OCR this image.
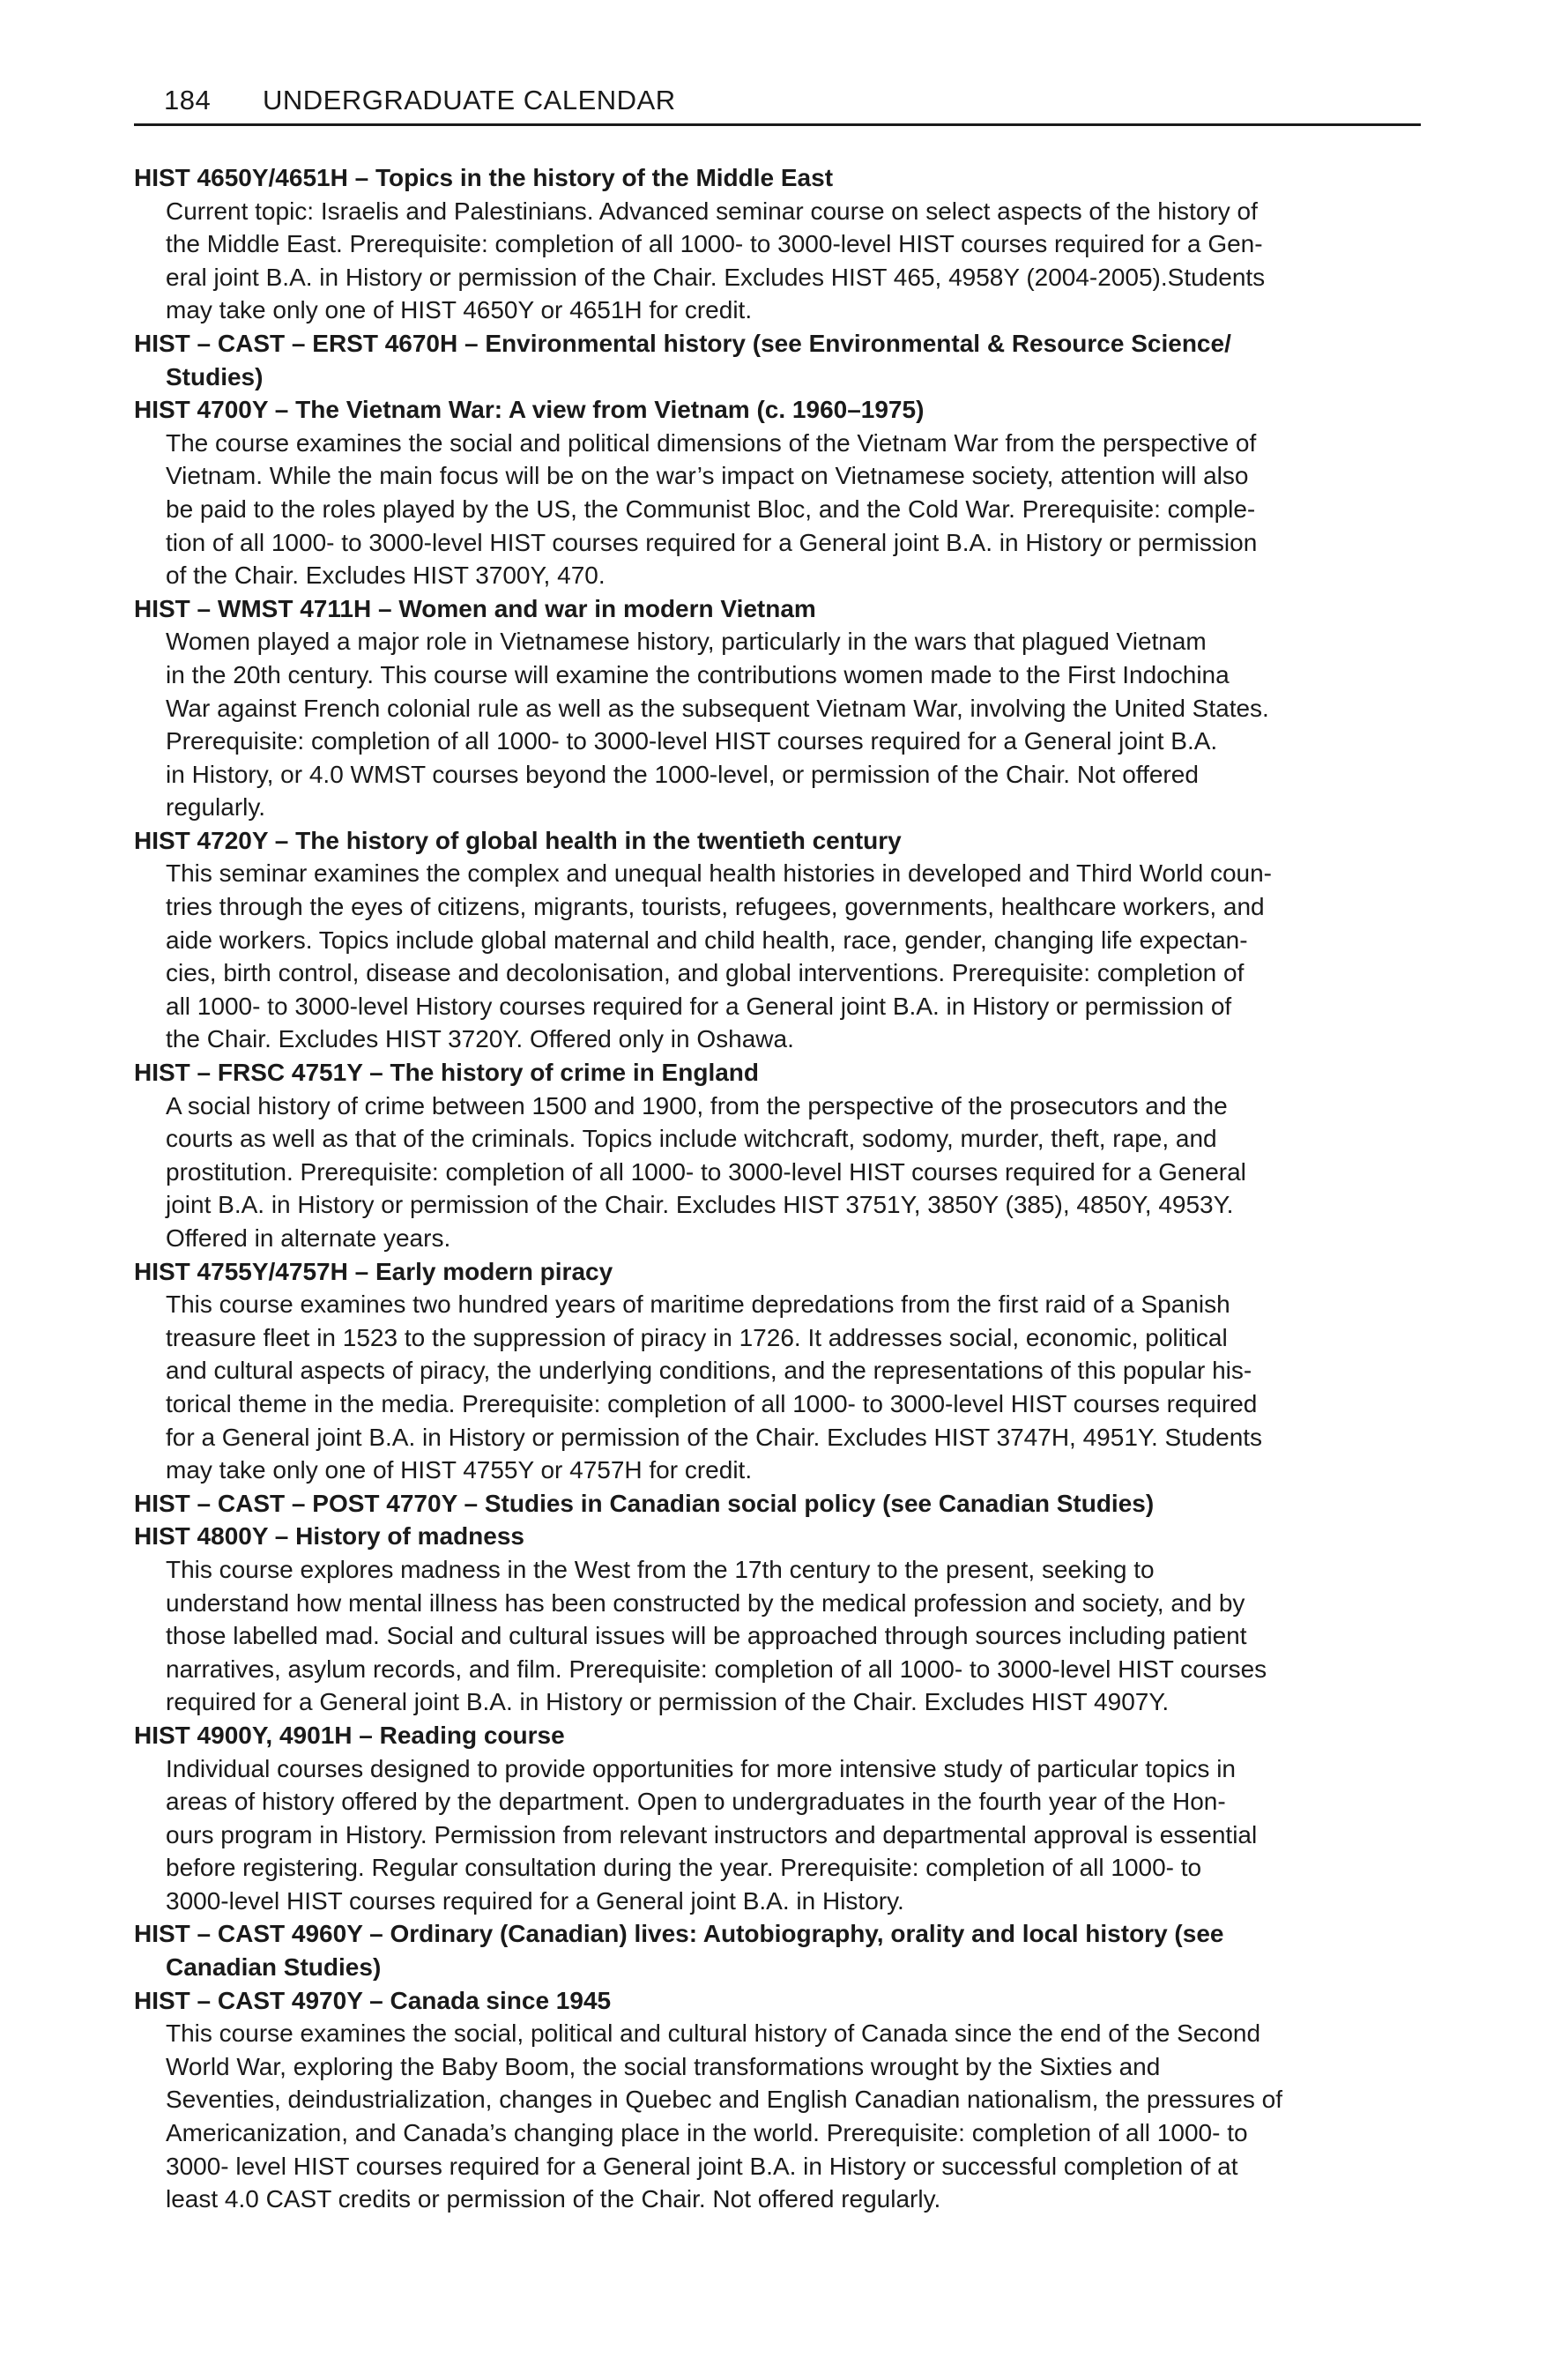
184 UNDERGRADUATE CALENDAR
HIST 4650Y/4651H – Topics in the history of the Middle East
Current topic: Israelis and Palestinians. Advanced seminar course on select aspects of the history of
the Middle East. Prerequisite: completion of all 1000- to 3000-level HIST courses required for a Gen-
eral joint B.A. in History or permission of the Chair. Excludes HIST 465, 4958Y (2004-2005).Students
may take only one of HIST 4650Y or 4651H for credit.
HIST – CAST – ERST 4670H – Environmental history (see Environmental & Resource Science/
Studies)
HIST 4700Y – The Vietnam War: A view from Vietnam (c. 1960–1975)
The course examines the social and political dimensions of the Vietnam War from the perspective of
Vietnam. While the main focus will be on the war’s impact on Vietnamese society, attention will also
be paid to the roles played by the US, the Communist Bloc, and the Cold War. Prerequisite: comple-
tion of all 1000- to 3000-level HIST courses required for a General joint B.A. in History or permission
of the Chair. Excludes HIST 3700Y, 470.
HIST – WMST 4711H – Women and war in modern Vietnam
Women played a major role in Vietnamese history, particularly in the wars that plagued Vietnam
in the 20th century. This course will examine the contributions women made to the First Indochina
War against French colonial rule as well as the subsequent Vietnam War, involving the United States.
Prerequisite: completion of all 1000- to 3000-level HIST courses required for a General joint B.A.
in History, or 4.0 WMST courses beyond the 1000-level, or permission of the Chair. Not offered
regularly.
HIST 4720Y – The history of global health in the twentieth century
This seminar examines the complex and unequal health histories in developed and Third World coun-
tries through the eyes of citizens, migrants, tourists, refugees, governments, healthcare workers, and
aide workers. Topics include global maternal and child health, race, gender, changing life expectan-
cies, birth control, disease and decolonisation, and global interventions. Prerequisite: completion of
all 1000- to 3000-level History courses required for a General joint B.A. in History or permission of
the Chair. Excludes HIST 3720Y. Offered only in Oshawa.
HIST – FRSC 4751Y – The history of crime in England
A social history of crime between 1500 and 1900, from the perspective of the prosecutors and the
courts as well as that of the criminals. Topics include witchcraft, sodomy, murder, theft, rape, and
prostitution. Prerequisite: completion of all 1000- to 3000-level HIST courses required for a General
joint B.A. in History or permission of the Chair. Excludes HIST 3751Y, 3850Y (385), 4850Y, 4953Y.
Offered in alternate years.
HIST 4755Y/4757H – Early modern piracy
This course examines two hundred years of maritime depredations from the first raid of a Spanish
treasure fleet in 1523 to the suppression of piracy in 1726. It addresses social, economic, political
and cultural aspects of piracy, the underlying conditions, and the representations of this popular his-
torical theme in the media. Prerequisite: completion of all 1000- to 3000-level HIST courses required
for a General joint B.A. in History or permission of the Chair. Excludes HIST 3747H, 4951Y. Students
may take only one of HIST 4755Y or 4757H for credit.
HIST – CAST – POST 4770Y – Studies in Canadian social policy (see Canadian Studies)
HIST 4800Y – History of madness
This course explores madness in the West from the 17th century to the present, seeking to
understand how mental illness has been constructed by the medical profession and society, and by
those labelled mad. Social and cultural issues will be approached through sources including patient
narratives, asylum records, and film. Prerequisite: completion of all 1000- to 3000-level HIST courses
required for a General joint B.A. in History or permission of the Chair. Excludes HIST 4907Y.
HIST 4900Y, 4901H – Reading course
Individual courses designed to provide opportunities for more intensive study of particular topics in
areas of history offered by the department. Open to undergraduates in the fourth year of the Hon-
ours program in History. Permission from relevant instructors and departmental approval is essential
before registering. Regular consultation during the year. Prerequisite: completion of all 1000- to
3000-level HIST courses required for a General joint B.A. in History.
HIST – CAST 4960Y – Ordinary (Canadian) lives: Autobiography, orality and local history (see
Canadian Studies)
HIST – CAST 4970Y – Canada since 1945
This course examines the social, political and cultural history of Canada since the end of the Second
World War, exploring the Baby Boom, the social transformations wrought by the Sixties and
Seventies, deindustrialization, changes in Quebec and English Canadian nationalism, the pressures of
Americanization, and Canada’s changing place in the world. Prerequisite: completion of all 1000- to
3000- level HIST courses required for a General joint B.A. in History or successful completion of at
least 4.0 CAST credits or permission of the Chair. Not offered regularly.
